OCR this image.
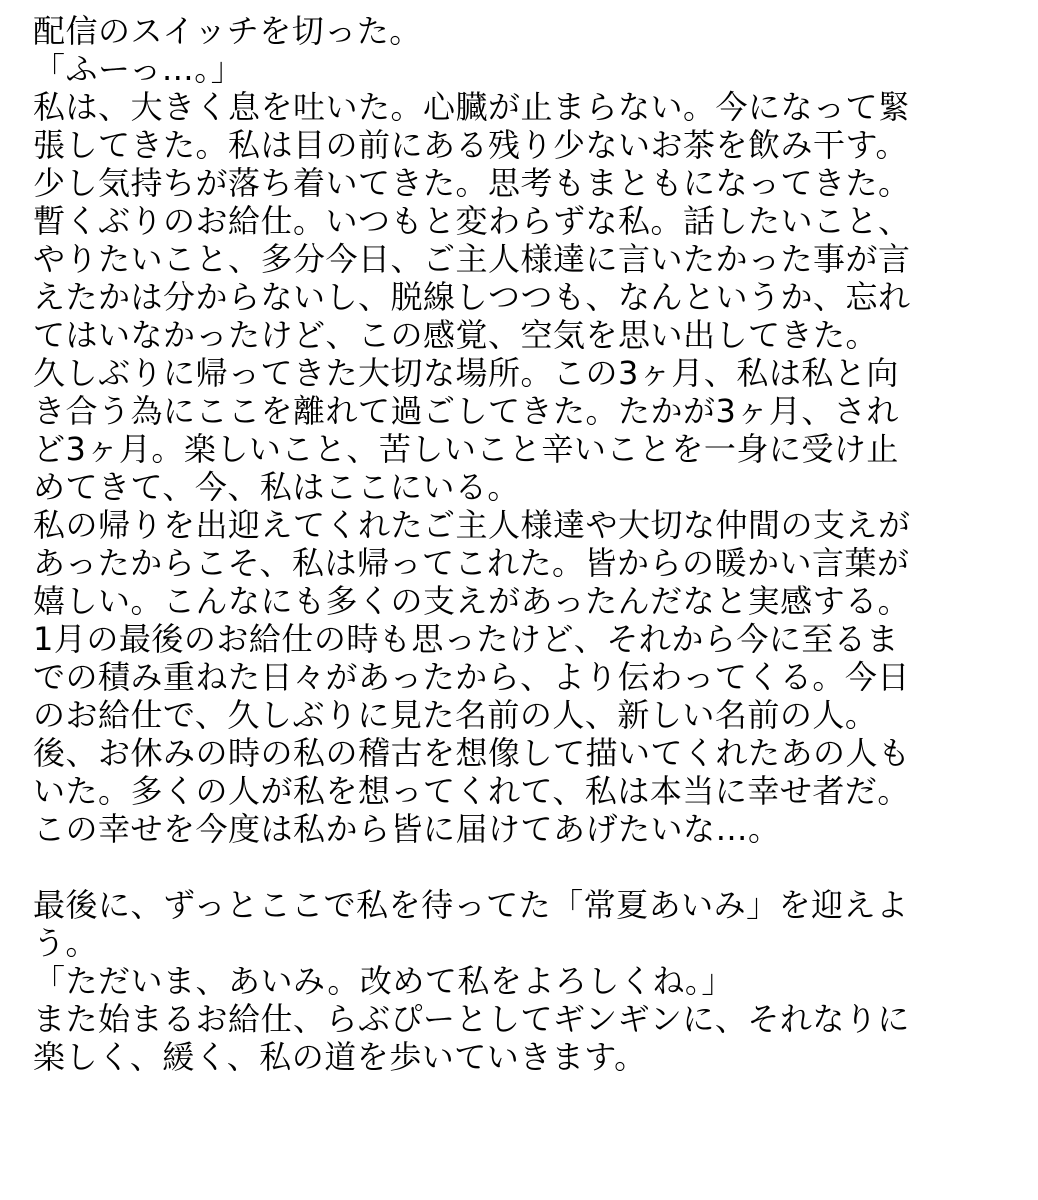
配信のスイッチを切った。
「ふーっ…。」
私は、大きく息を吐いた。心臓が止まらない。今になって緊
張してきた。私は目の前にある残り少ないお茶を飲み干す。
少し気持ちが落ち着いてきた。思考もまともになってきた。
暫くぶりのお給仕。いつもと変わらずな私。話したいこと、
やりたいこと、多分今日、ご主人様達に言いたかった事が言
えたかは分からないし、脱線しつつも、なんというか、忘れ
てはいなかったけど、この感覚、空気を思い出してきた。
久しぶりに帰ってきた大切な場所。この3ヶ月、私は私と向
き合う為にここを離れて過ごしてきた。たかが3ヶ月、され
ど3ヶ月。楽しいこと、苦しいこと辛いことを一身に受け止
めてきて、今、私はここにいる。
私の帰りを出迎えてくれたご主人様達や大切な仲間の支えが
あったからこそ、私は帰ってこれた。皆からの暖かい言葉が
嬉しい。こんなにも多くの支えがあったんだなと実感する。
1月の最後のお給仕の時も思ったけど、それから今に至るま
での積み重ねた日々があったから、より伝わってくる。今日
のお給仕で、久しぶりに見た名前の人、新しい名前の人。
後、お休みの時の私の稽古を想像して描いてくれたあの人も
いた。多くの人が私を想ってくれて、私は本当に幸せ者だ。
この幸せを今度は私から皆に届けてあげたいな…。
最後に、ずっとここで私を待ってた「常夏あいみ」を迎えよ
う。
「ただいま、あいみ。改めて私をよろしくね。」
また始まるお給仕、らぶぴーとしてギンギンに、それなりに
楽しく、緩く、私の道を歩いていきます。
